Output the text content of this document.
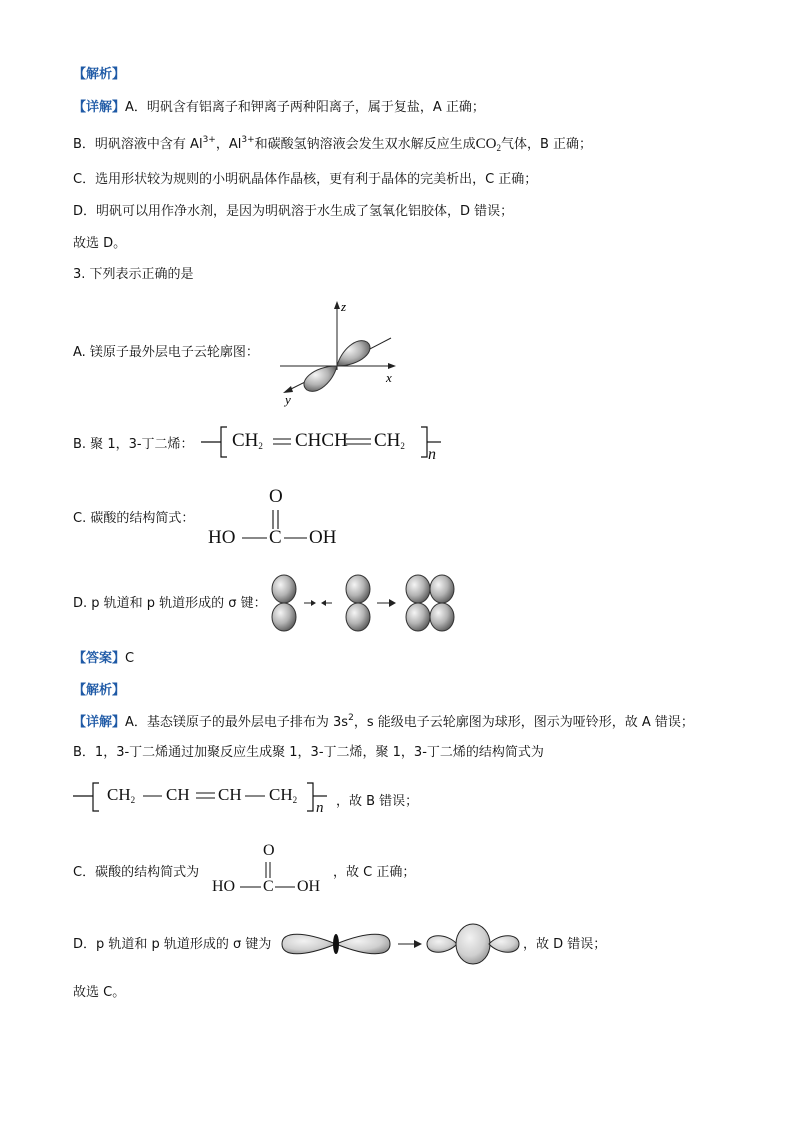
【解析】
【详解】A．明矾含有铝离子和钾离子两种阳离子，属于复盐，A 正确；
B．明矾溶液中含有 $Al^{3+}$，$Al^{3+}$和碳酸氢钠溶液会发生双水解反应生成$CO_2$气体，B 正确；
C．选用形状较为规则的小明矾晶体作晶核，更有利于晶体的完美析出，C 正确；
D．明矾可以用作净水剂，是因为明矾溶于水生成了氢氧化铝胶体，D 错误；
故选 D。
3. 下列表示正确的是
A. 镁原子最外层电子云轮廓图：
z
x
y
B. 聚 1，3-丁二烯： $CH_2$ CHCH $CH_2$ n
C. 碳酸的结构简式：
O
HO C OH
D. p 轨道和 p 轨道形成的 σ 键：
【答案】C
【解析】
【详解】A．基态镁原子的最外层电子排布为 $3s^2$，s 能级电子云轮廓图为球形，图示为哑铃形，故 A 错误；
B．1，3-丁二烯通过加聚反应生成聚 1，3-丁二烯，聚 1，3-丁二烯的结构简式为
$CH_2$ CH CH $CH_2$ n ，故 B 错误；
C．碳酸的结构简式为
O
HO C OH
，故 C 正确；
D．p 轨道和 p 轨道形成的 σ 键为	，故 D 错误；
故选 C。
